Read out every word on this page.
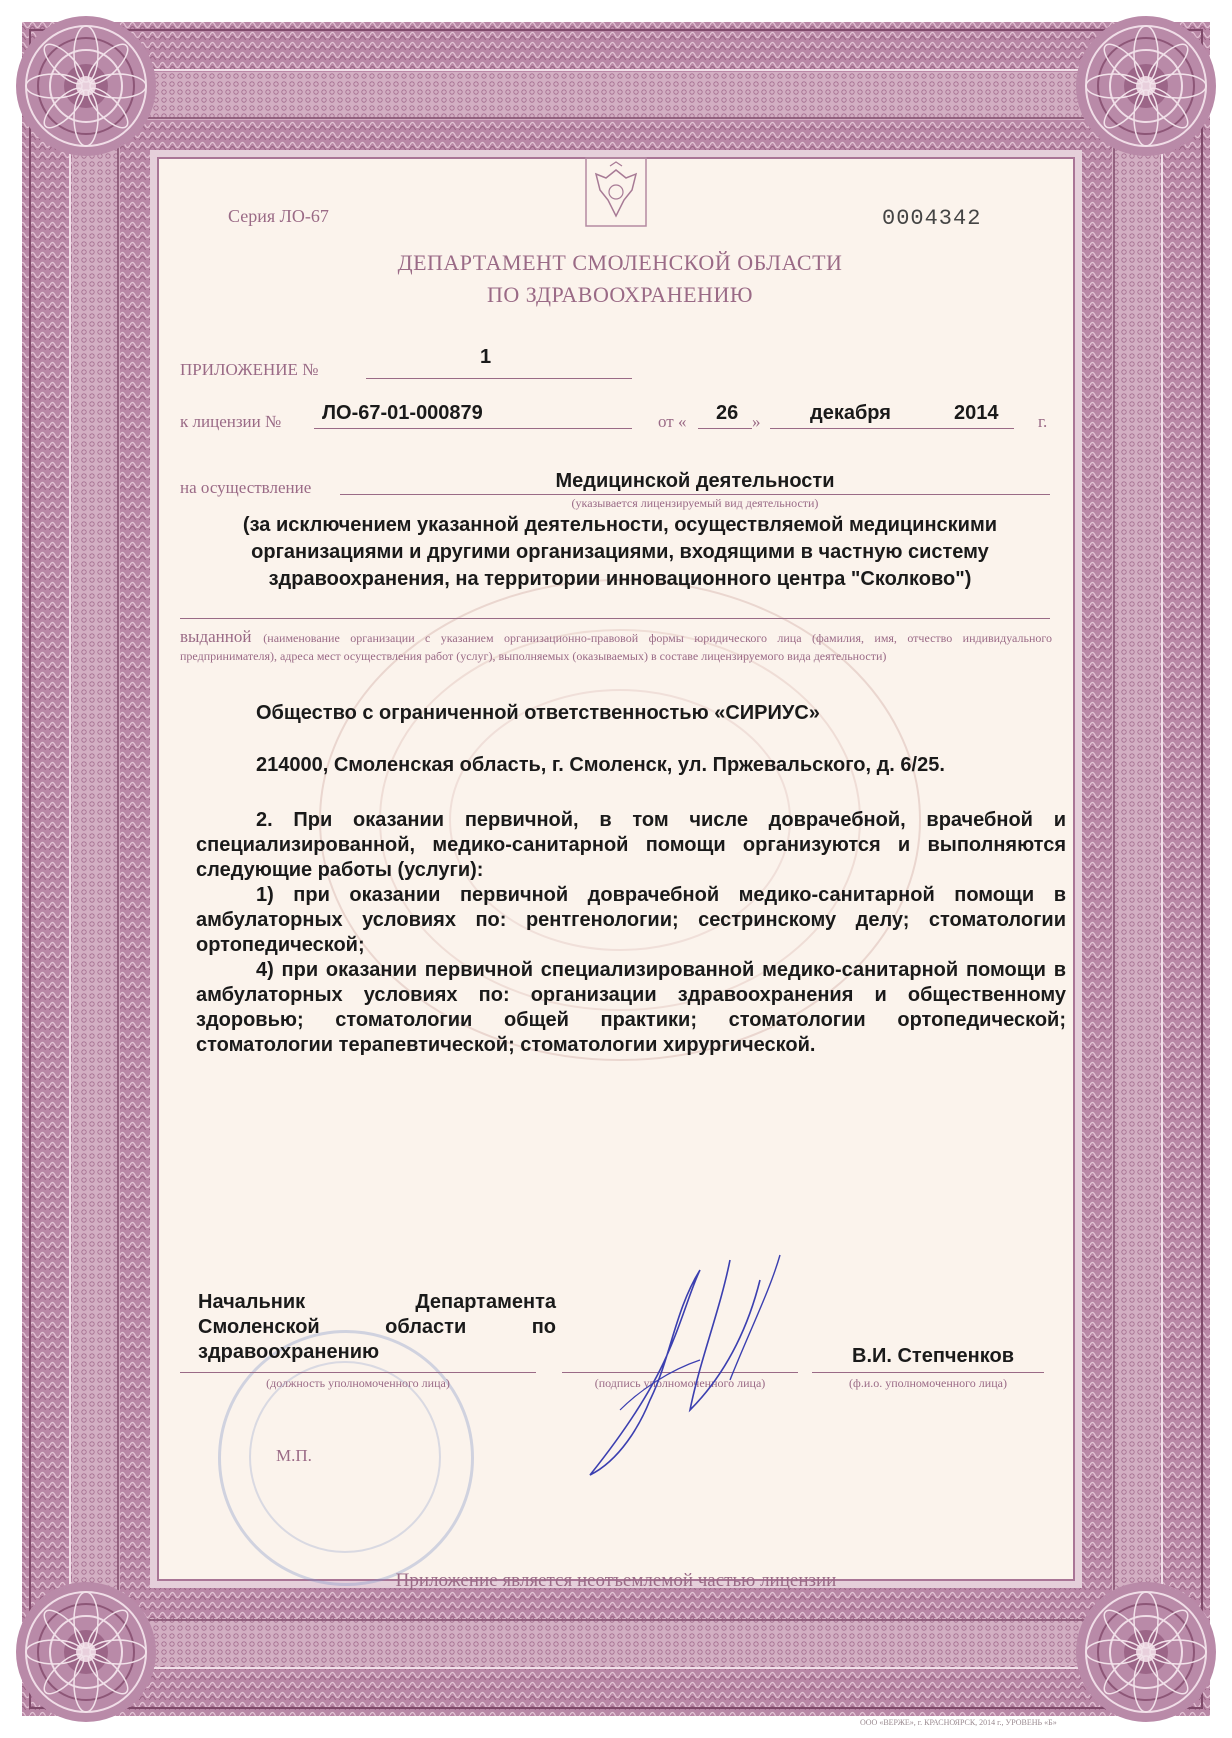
Серия ЛО-67	0004342
ДЕПАРТАМЕНТ СМОЛЕНСКОЙ ОБЛАСТИ
ПО ЗДРАВООХРАНЕНИЮ
ПРИЛОЖЕНИЕ №
1
к лицензии № ЛО-67-01-000879	от « 26 » декабря	2014 г.
на осуществление	Медицинской деятельности
(указывается лицензируемый вид деятельности)
(за исключением указанной деятельности, осуществляемой медицинскими организациями и другими организациями, входящими в частную систему здравоохранения, на территории инновационного центра "Сколково")
выданной (наименование организации с указанием организационно-правовой формы юридического лица (фамилия, имя, отчество индивидуального предпринимателя), адреса мест осуществления работ (услуг), выполняемых (оказываемых) в составе лицензируемого вида деятельности)
Общество с ограниченной ответственностью «СИРИУС»
214000, Смоленская область, г. Смоленск, ул. Пржевальского, д. 6/25.

2. При оказании первичной, в том числе доврачебной, врачебной и специализированной, медико-санитарной помощи организуются и выполняются следующие работы (услуги):

1) при оказании первичной доврачебной медико-санитарной помощи в амбулаторных условиях по: рентгенологии; сестринскому делу; стоматологии ортопедической;

4) при оказании первичной специализированной медико-санитарной помощи в амбулаторных условиях по: организации здравоохранения и общественному здоровью; стоматологии общей практики; стоматологии ортопедической; стоматологии терапевтической; стоматологии хирургической.

Начальник Департамента Смоленской области по здравоохранению
(должность уполномоченного лица)	(подпись уполномоченного лица)
В.И. Степченков
(ф.и.о. уполномоченного лица)
М.П.
Приложение является неотъемлемой частью лицензии
ООО «ВЕРЖЕ», г. КРАСНОЯРСК, 2014 г., УРОВЕНЬ «Б»
